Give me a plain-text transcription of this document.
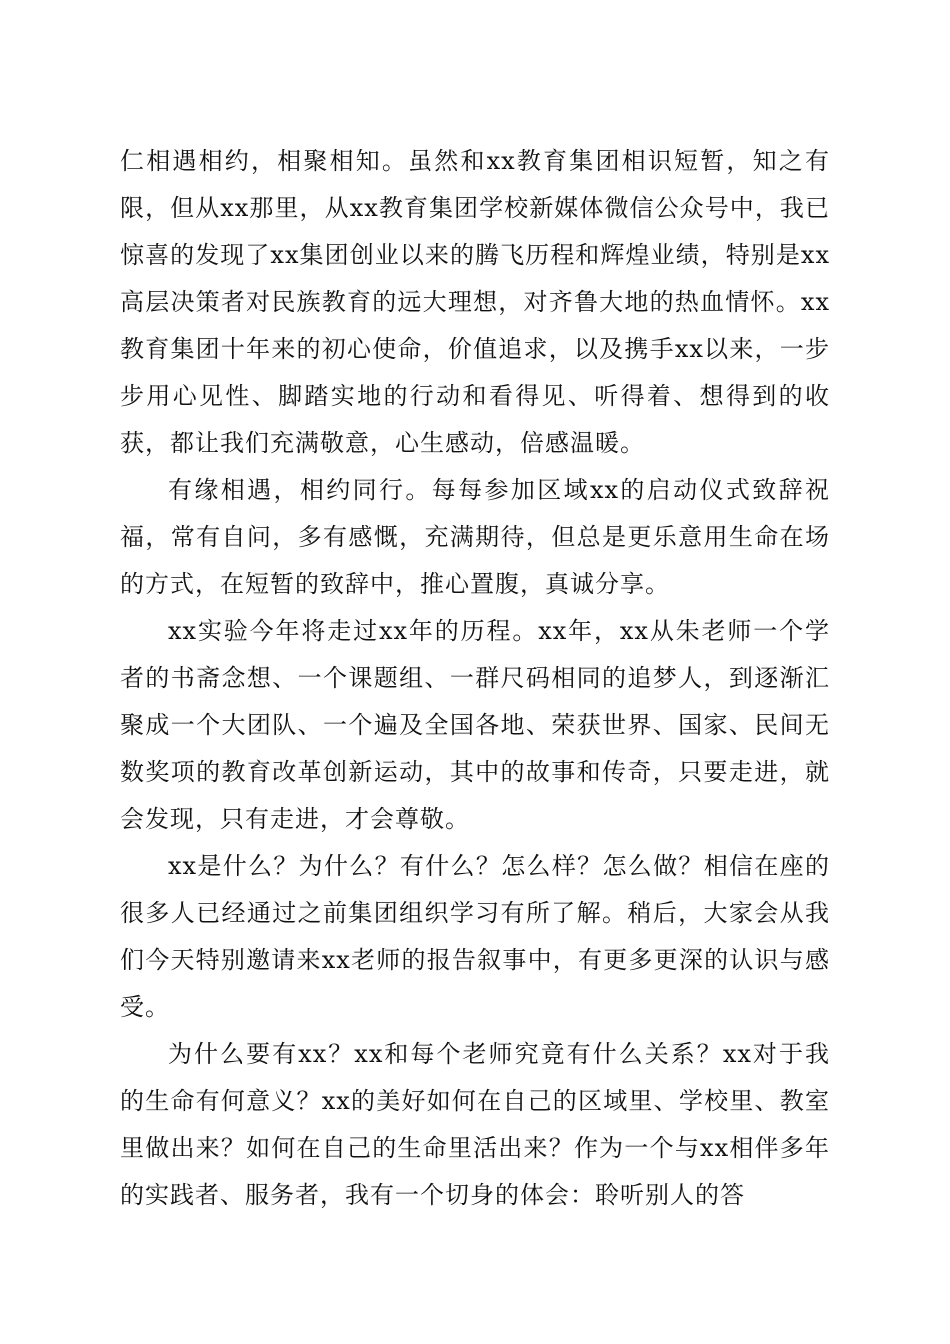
仁相遇相约，相聚相知。虽然和xx教育集团相识短暂，知之有限，但从xx那里，从xx教育集团学校新媒体微信公众号中，我已惊喜的发现了xx集团创业以来的腾飞历程和辉煌业绩，特别是xx高层决策者对民族教育的远大理想，对齐鲁大地的热血情怀。xx教育集团十年来的初心使命，价值追求，以及携手xx以来，一步步用心见性、脚踏实地的行动和看得见、听得着、想得到的收获，都让我们充满敬意，心生感动，倍感温暖。

有缘相遇，相约同行。每每参加区域xx的启动仪式致辞祝福，常有自问，多有感慨，充满期待，但总是更乐意用生命在场的方式，在短暂的致辞中，推心置腹，真诚分享。

xx实验今年将走过xx年的历程。xx年，xx从朱老师一个学者的书斋念想、一个课题组、一群尺码相同的追梦人，到逐渐汇聚成一个大团队、一个遍及全国各地、荣获世界、国家、民间无数奖项的教育改革创新运动，其中的故事和传奇，只要走进，就会发现，只有走进，才会尊敬。

xx是什么？为什么？有什么？怎么样？怎么做？相信在座的很多人已经通过之前集团组织学习有所了解。稍后，大家会从我们今天特别邀请来xx老师的报告叙事中，有更多更深的认识与感受。

为什么要有xx？xx和每个老师究竟有什么关系？xx对于我的生命有何意义？xx的美好如何在自己的区域里、学校里、教室里做出来？如何在自己的生命里活出来？作为一个与xx相伴多年的实践者、服务者，我有一个切身的体会：聆听别人的答
